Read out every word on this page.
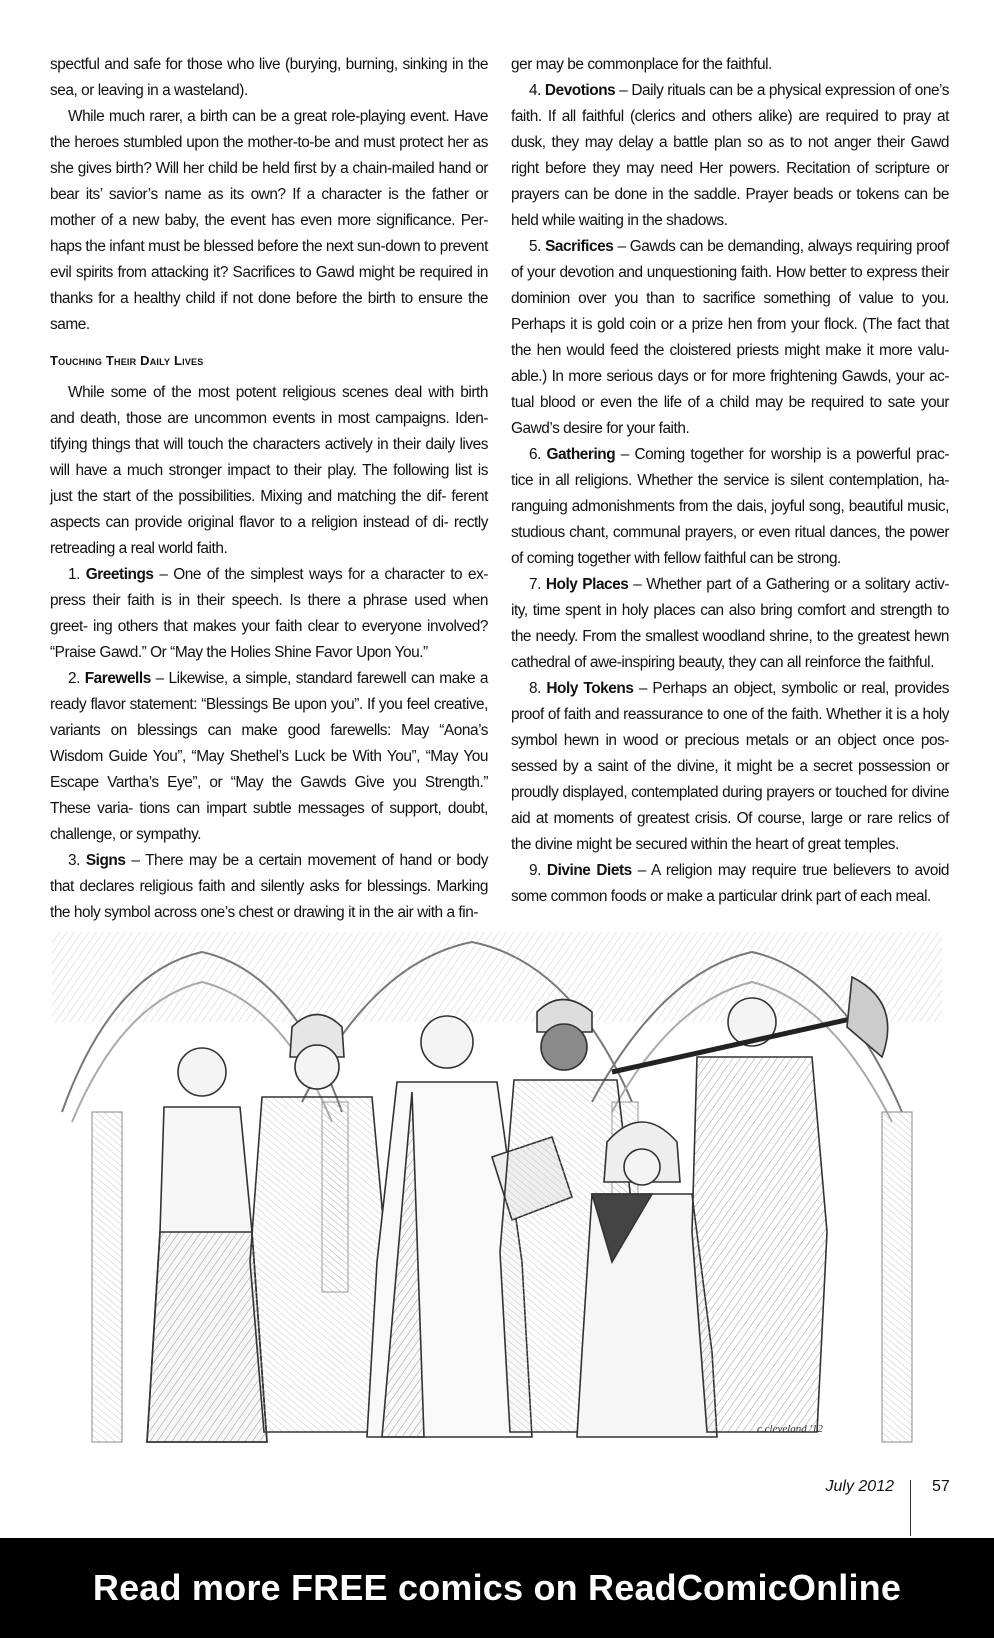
spectful and safe for those who live (burying, burning, sinking in the sea, or leaving in a wasteland).

While much rarer, a birth can be a great role-playing event. Have the heroes stumbled upon the mother-to-be and must protect her as she gives birth? Will her child be held first by a chain-mailed hand or bear its’ savior’s name as its own? If a character is the father or mother of a new baby, the event has even more significance. Per- haps the infant must be blessed before the next sun-down to prevent evil spirits from attacking it? Sacrifices to Gawd might be required in thanks for a healthy child if not done before the birth to ensure the same.

Touching Their Daily Lives

While some of the most potent religious scenes deal with birth and death, those are uncommon events in most campaigns. Iden- tifying things that will touch the characters actively in their daily lives will have a much stronger impact to their play. The following list is just the start of the possibilities. Mixing and matching the dif- ferent aspects can provide original flavor to a religion instead of di- rectly retreading a real world faith.

1. Greetings – One of the simplest ways for a character to ex- press their faith is in their speech. Is there a phrase used when greet- ing others that makes your faith clear to everyone involved? “Praise Gawd.” Or “May the Holies Shine Favor Upon You.”

2. Farewells – Likewise, a simple, standard farewell can make a ready flavor statement: “Blessings Be upon you”. If you feel creative, variants on blessings can make good farewells: May “Aona’s Wisdom Guide You”, “May Shethel’s Luck be With You”, “May You Escape Vartha’s Eye”, or “May the Gawds Give you Strength.” These varia- tions can impart subtle messages of support, doubt, challenge, or sympathy.

3. Signs – There may be a certain movement of hand or body that declares religious faith and silently asks for blessings. Marking the holy symbol across one’s chest or drawing it in the air with a fin-

ger may be commonplace for the faithful.

4. Devotions – Daily rituals can be a physical expression of one’s faith. If all faithful (clerics and others alike) are required to pray at dusk, they may delay a battle plan so as to not anger their Gawd right before they may need Her powers. Recitation of scripture or prayers can be done in the saddle. Prayer beads or tokens can be held while waiting in the shadows.

5. Sacrifices – Gawds can be demanding, always requiring proof of your devotion and unquestioning faith. How better to express their dominion over you than to sacrifice something of value to you. Perhaps it is gold coin or a prize hen from your flock. (The fact that the hen would feed the cloistered priests might make it more valu- able.) In more serious days or for more frightening Gawds, your ac- tual blood or even the life of a child may be required to sate your Gawd’s desire for your faith.

6. Gathering – Coming together for worship is a powerful prac- tice in all religions. Whether the service is silent contemplation, ha- ranguing admonishments from the dais, joyful song, beautiful music, studious chant, communal prayers, or even ritual dances, the power of coming together with fellow faithful can be strong.

7. Holy Places – Whether part of a Gathering or a solitary activ- ity, time spent in holy places can also bring comfort and strength to the needy. From the smallest woodland shrine, to the greatest hewn cathedral of awe-inspiring beauty, they can all reinforce the faithful.

8. Holy Tokens – Perhaps an object, symbolic or real, provides proof of faith and reassurance to one of the faith. Whether it is a holy symbol hewn in wood or precious metals or an object once pos- sessed by a saint of the divine, it might be a secret possession or proudly displayed, contemplated during prayers or touched for divine aid at moments of greatest crisis. Of course, large or rare relics of the divine might be secured within the heart of great temples.

9. Divine Diets – A religion may require true believers to avoid some common foods or make a particular drink part of each meal.

c.cleveland '12
July 2012 57
Read more FREE comics on ReadComicOnline
